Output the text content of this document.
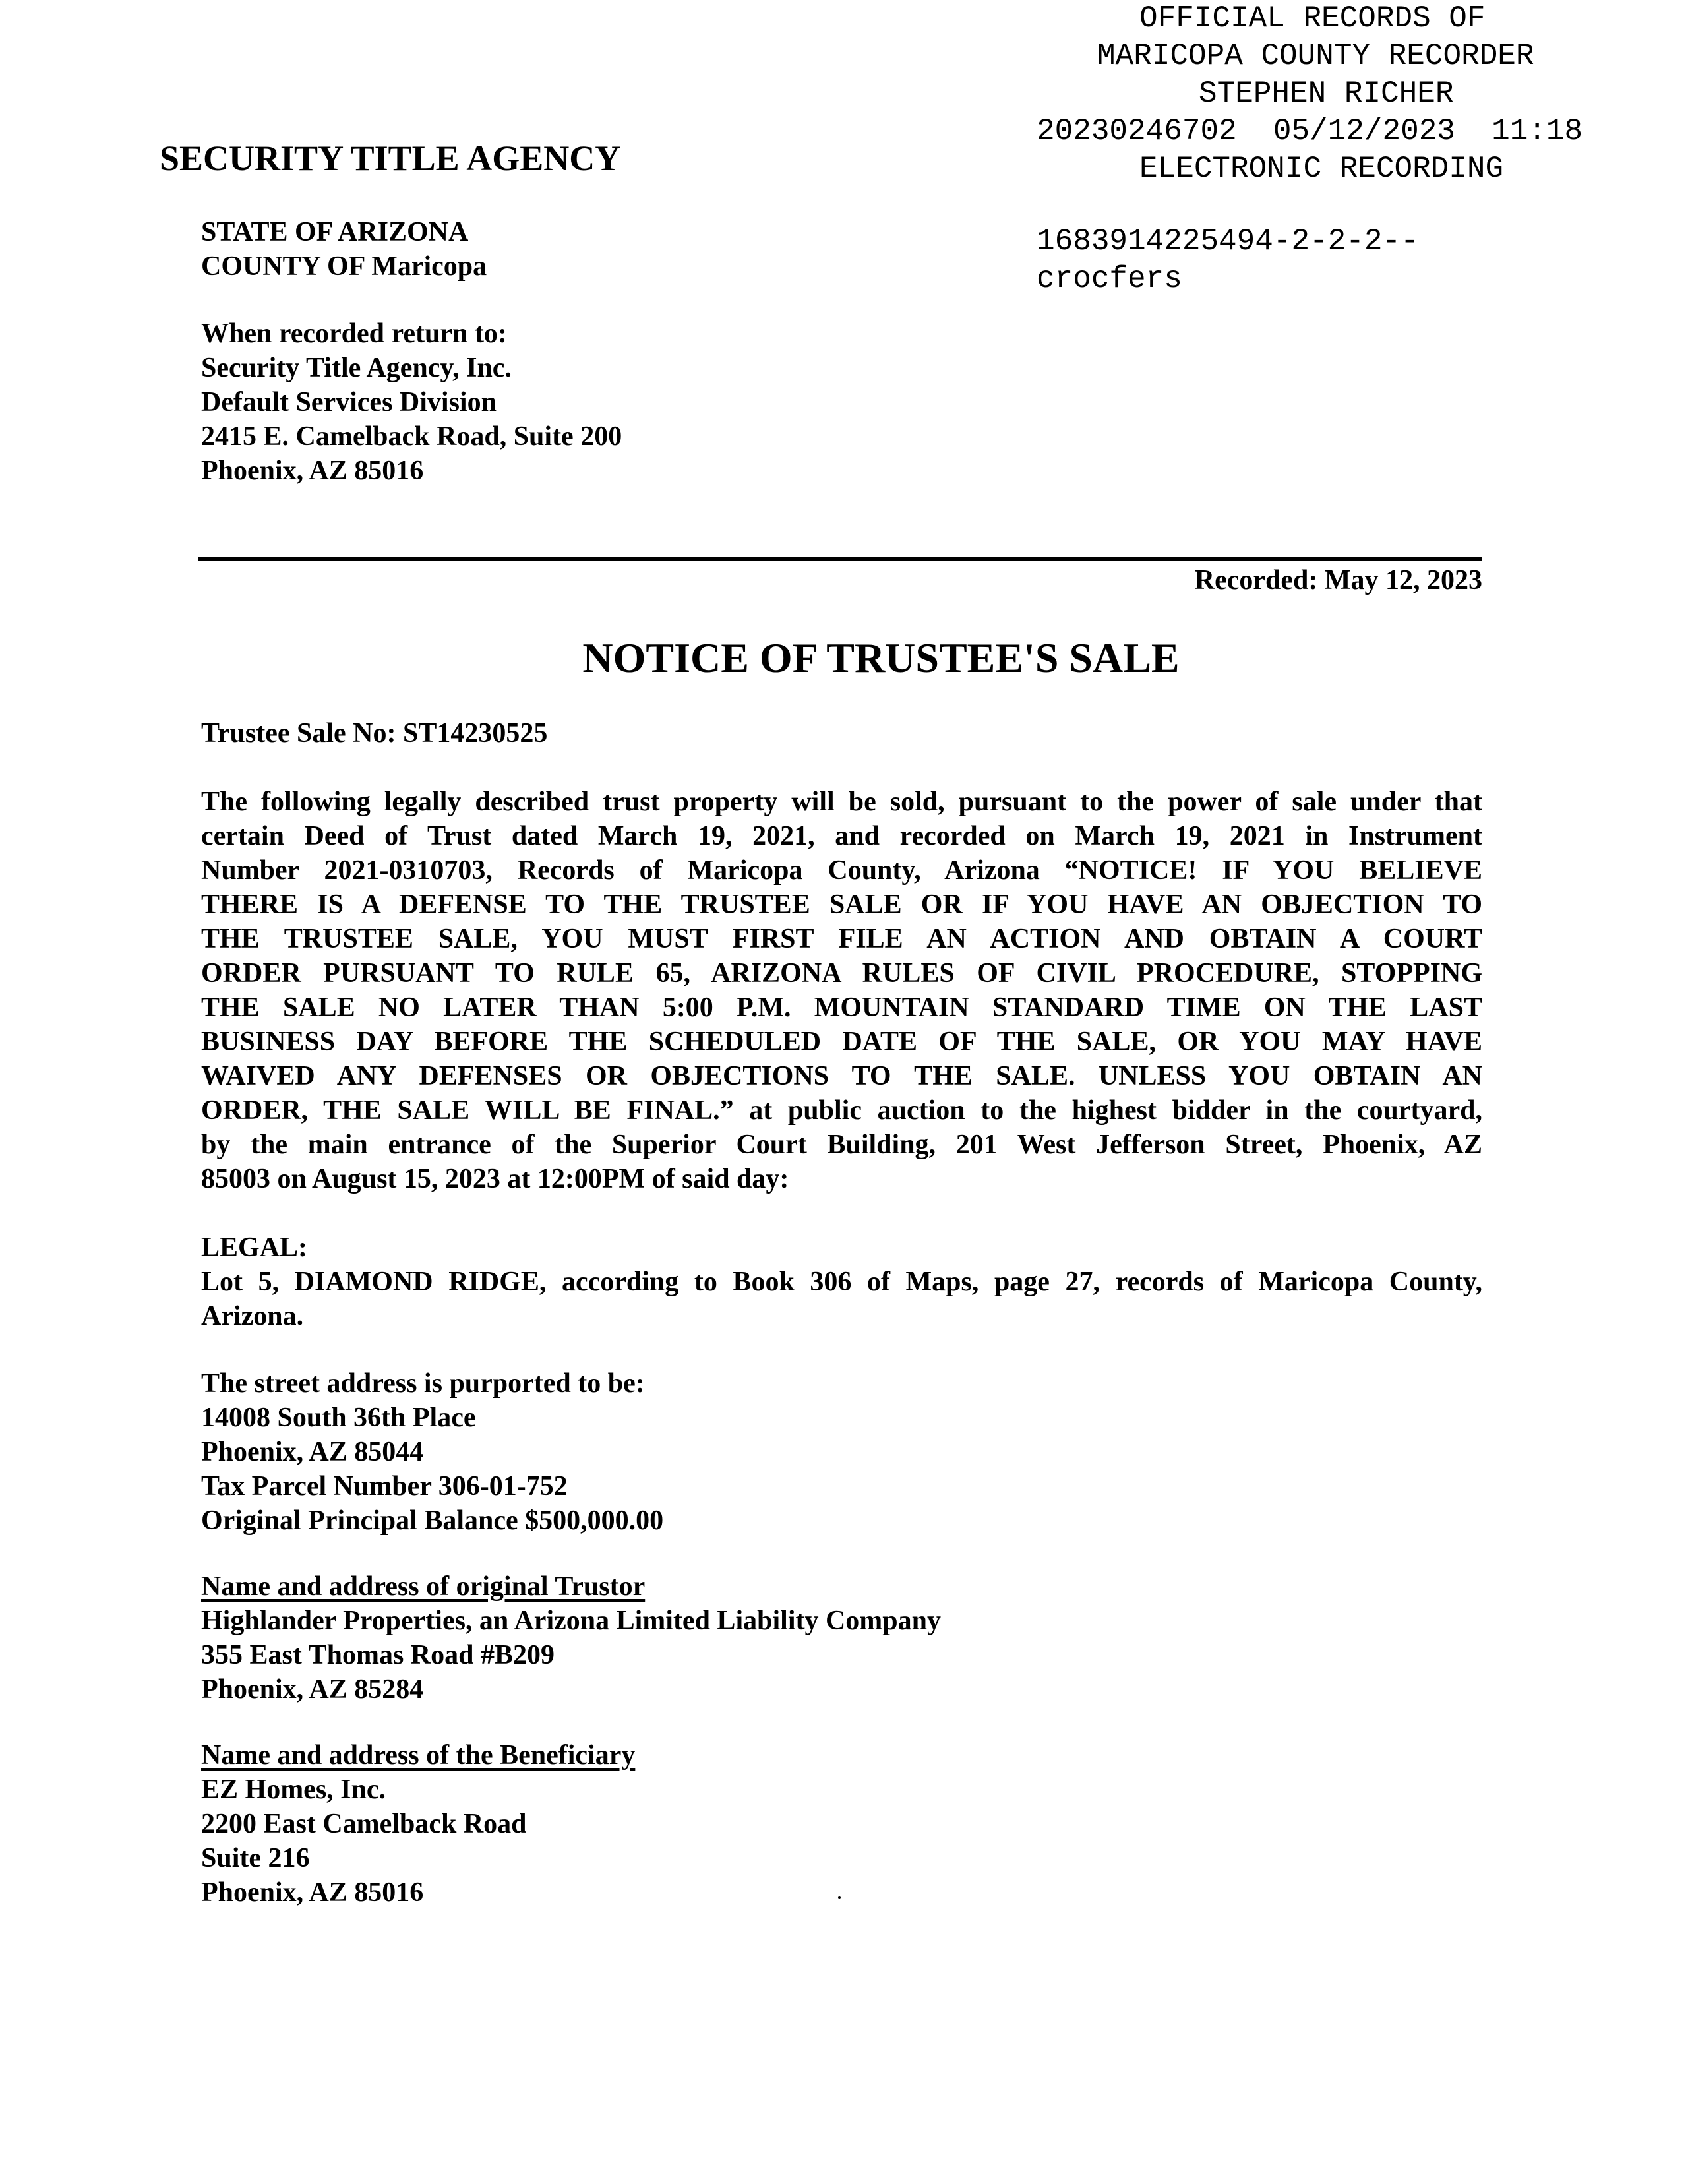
OFFICIAL RECORDS OF
MARICOPA COUNTY RECORDER
STEPHEN RICHER
20230246702  05/12/2023  11:18
ELECTRONIC RECORDING
SECURITY TITLE AGENCY
STATE OF ARIZONA
COUNTY OF Maricopa
1683914225494-2-2-2--
crocfers
When recorded return to:
Security Title Agency, Inc.
Default Services Division
2415 E. Camelback Road, Suite 200
Phoenix, AZ 85016
Recorded: May 12, 2023
NOTICE OF TRUSTEE'S SALE
Trustee Sale No: ST14230525
The following legally described trust property will be sold, pursuant to the power of sale under that
certain Deed of Trust dated March 19, 2021, and recorded on March 19, 2021 in Instrument
Number 2021-0310703, Records of Maricopa County, Arizona “NOTICE! IF YOU BELIEVE
THERE IS A DEFENSE TO THE TRUSTEE SALE OR IF YOU HAVE AN OBJECTION TO
THE TRUSTEE SALE, YOU MUST FIRST FILE AN ACTION AND OBTAIN A COURT
ORDER PURSUANT TO RULE 65, ARIZONA RULES OF CIVIL PROCEDURE, STOPPING
THE SALE NO LATER THAN 5:00 P.M. MOUNTAIN STANDARD TIME ON THE LAST
BUSINESS DAY BEFORE THE SCHEDULED DATE OF THE SALE, OR YOU MAY HAVE
WAIVED ANY DEFENSES OR OBJECTIONS TO THE SALE. UNLESS YOU OBTAIN AN
ORDER, THE SALE WILL BE FINAL.” at public auction to the highest bidder in the courtyard,
by the main entrance of the Superior Court Building, 201 West Jefferson Street, Phoenix, AZ
85003 on August 15, 2023 at 12:00PM of said day:
LEGAL:
Lot 5, DIAMOND RIDGE, according to Book 306 of Maps, page 27, records of Maricopa County,
Arizona.
The street address is purported to be:
14008 South 36th Place
Phoenix, AZ 85044
Tax Parcel Number 306-01-752
Original Principal Balance $500,000.00
Name and address of original Trustor
Highlander Properties, an Arizona Limited Liability Company
355 East Thomas Road #B209
Phoenix, AZ 85284
Name and address of the Beneficiary
EZ Homes, Inc.
2200 East Camelback Road
Suite 216
Phoenix, AZ 85016
